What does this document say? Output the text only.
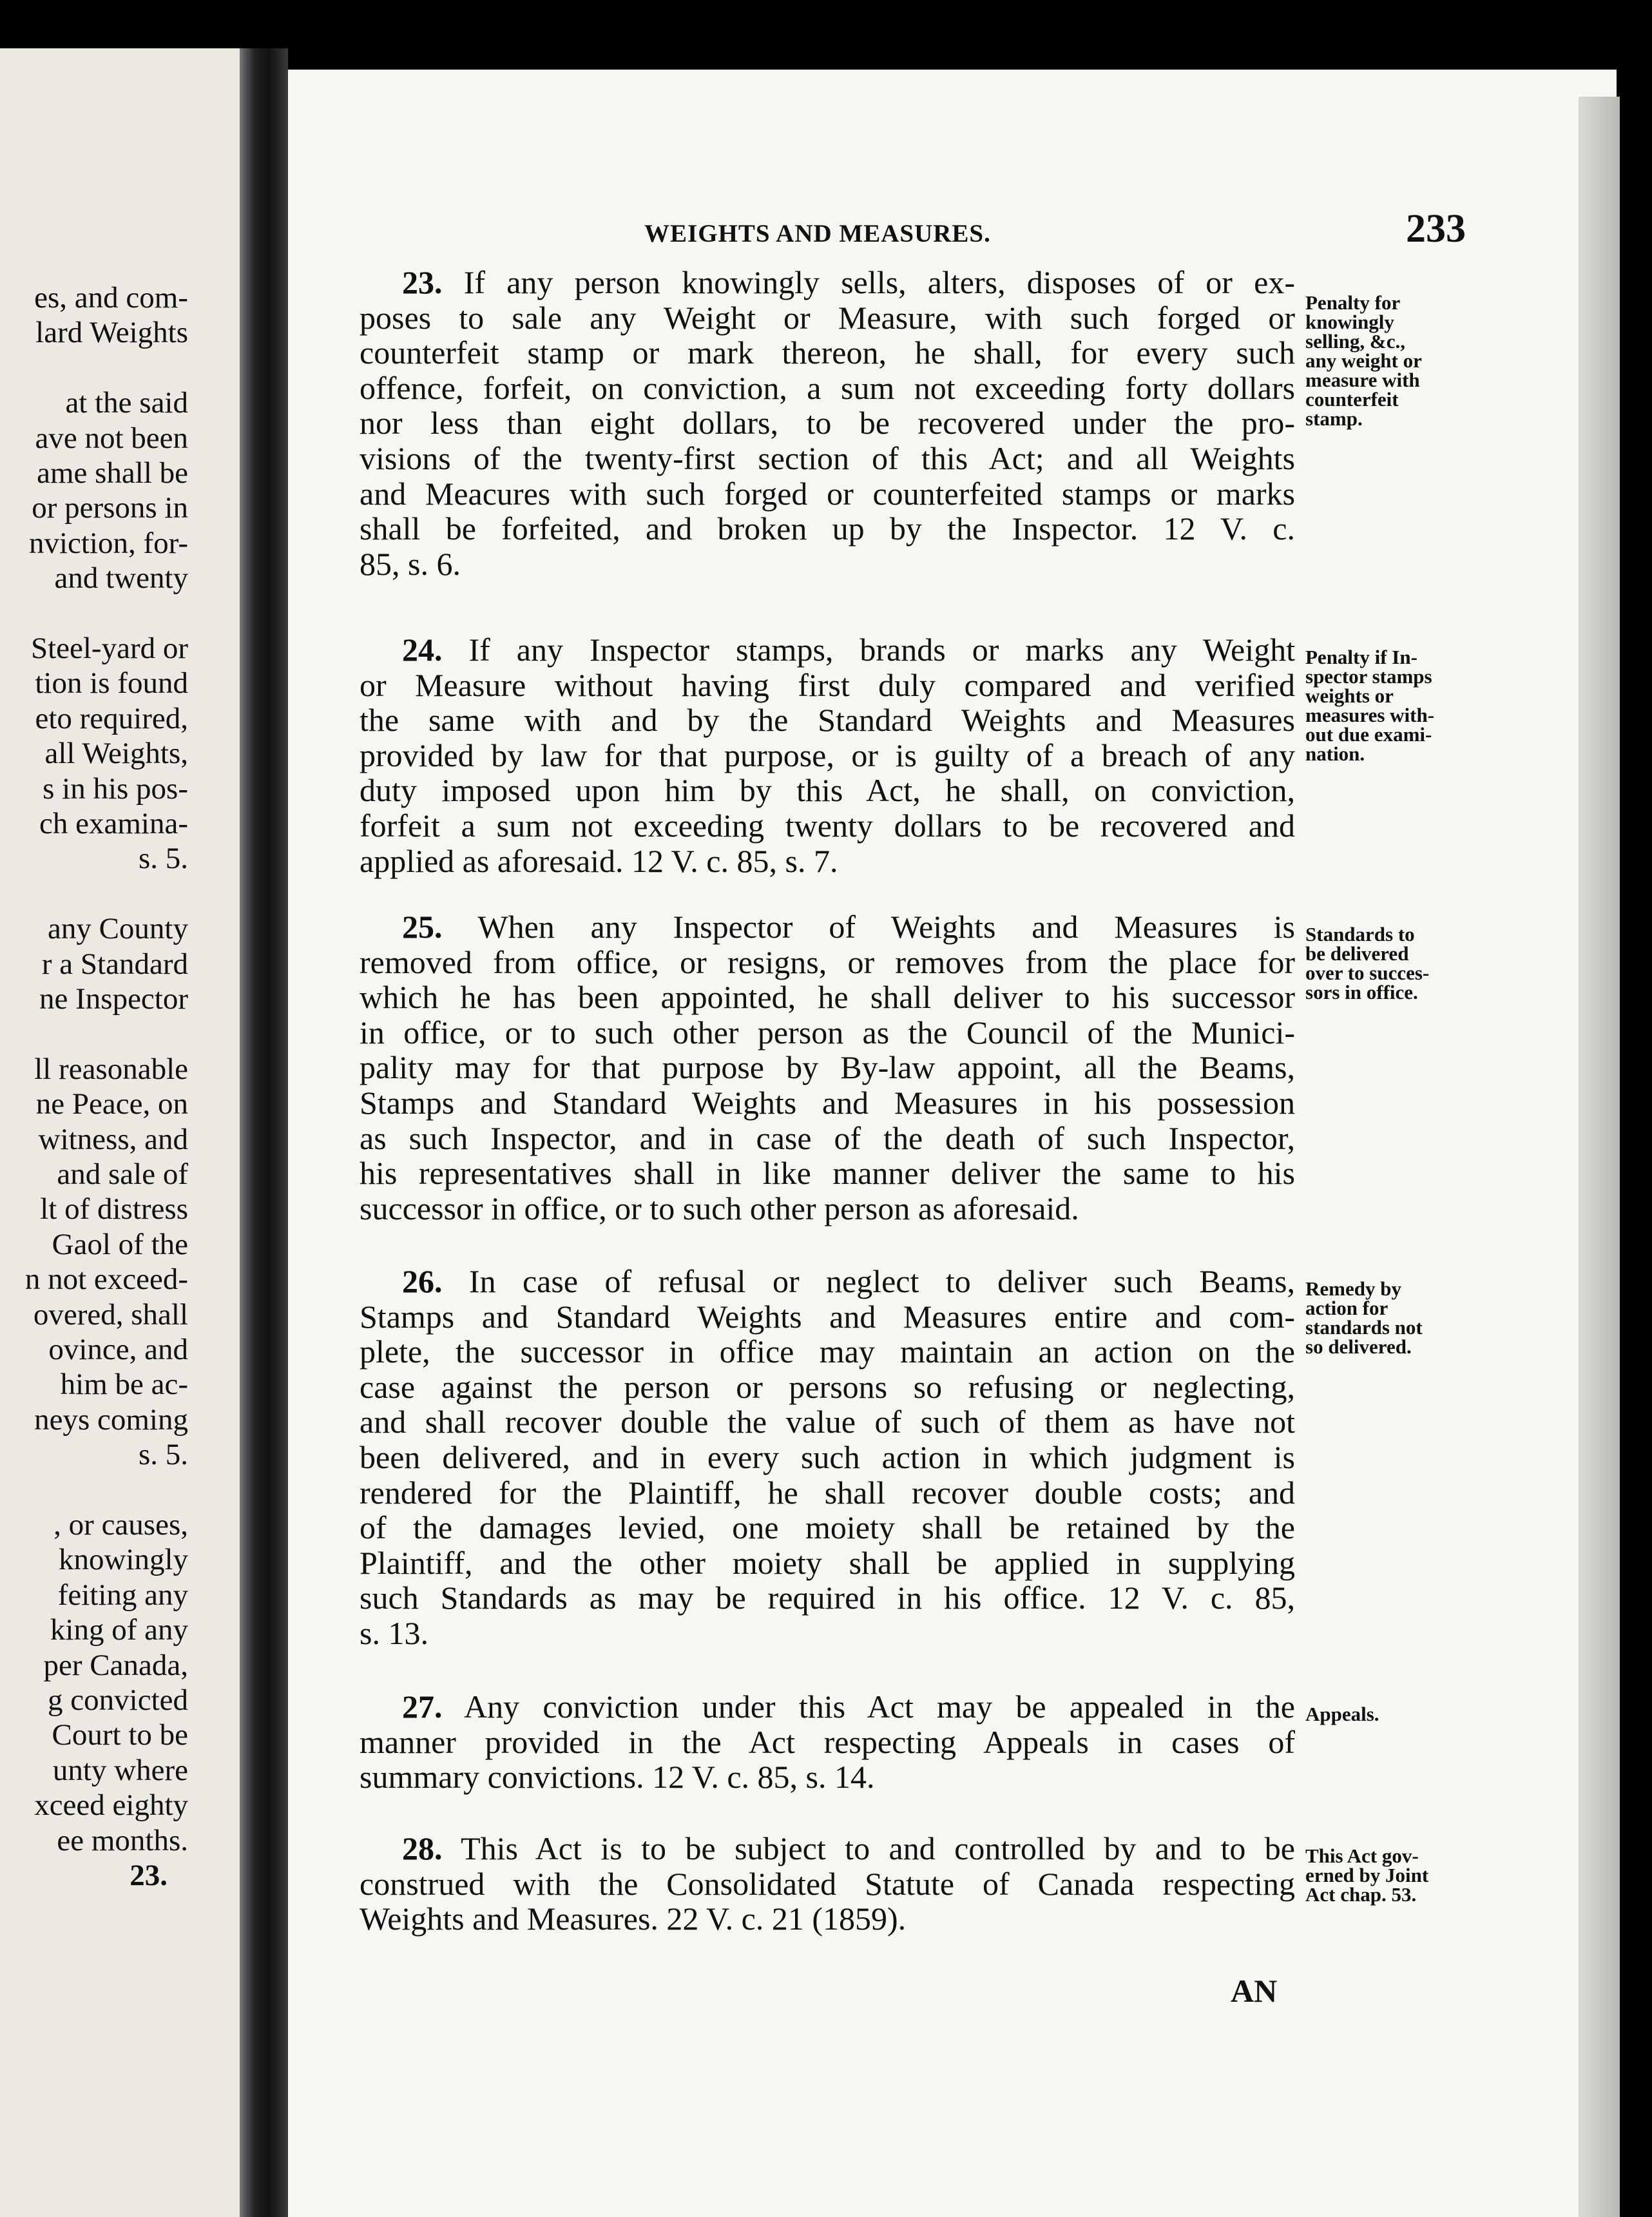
es, and com-
lard Weights
at the said
ave not been
ame shall be
or persons in
nviction, for-
and twenty
Steel-yard or
tion is found
eto required,
all Weights,
s in his pos-
ch examina-
s. 5.
any County
r a Standard
ne Inspector
ll reasonable
ne Peace, on
witness, and
and sale of
lt of distress
Gaol of the
n not exceed-
overed, shall
ovince, and
him be ac-
neys coming
s. 5.
, or causes,
knowingly
feiting any
king of any
per Canada,
g convicted
Court to be
unty where
xceed eighty
ee months.
23.
WEIGHTS AND MEASURES.	233
23. If any person knowingly sells, alters, disposes of or ex-
poses to sale any Weight or Measure, with such forged or
counterfeit stamp or mark thereon, he shall, for every such
offence, forfeit, on conviction, a sum not exceeding forty dollars
nor less than eight dollars, to be recovered under the pro-
visions of the twenty-first section of this Act; and all Weights
and Meacures with such forged or counterfeited stamps or marks
shall be forfeited, and broken up by the Inspector. 12 V. c.
85, s. 6.
Penalty for
knowingly
selling, &c.,
any weight or
measure with
counterfeit
stamp.
24. If any Inspector stamps, brands or marks any Weight
or Measure without having first duly compared and verified
the same with and by the Standard Weights and Measures
provided by law for that purpose, or is guilty of a breach of any
duty imposed upon him by this Act, he shall, on conviction,
forfeit a sum not exceeding twenty dollars to be recovered and
applied as aforesaid. 12 V. c. 85, s. 7.
Penalty if In-
spector stamps
weights or
measures with-
out due exami-
nation.
25. When any Inspector of Weights and Measures is
removed from office, or resigns, or removes from the place for
which he has been appointed, he shall deliver to his successor
in office, or to such other person as the Council of the Munici-
pality may for that purpose by By-law appoint, all the Beams,
Stamps and Standard Weights and Measures in his possession
as such Inspector, and in case of the death of such Inspector,
his representatives shall in like manner deliver the same to his
successor in office, or to such other person as aforesaid.
Standards to
be delivered
over to succes-
sors in office.
26. In case of refusal or neglect to deliver such Beams,
Stamps and Standard Weights and Measures entire and com-
plete, the successor in office may maintain an action on the
case against the person or persons so refusing or neglecting,
and shall recover double the value of such of them as have not
been delivered, and in every such action in which judgment is
rendered for the Plaintiff, he shall recover double costs; and
of the damages levied, one moiety shall be retained by the
Plaintiff, and the other moiety shall be applied in supplying
such Standards as may be required in his office. 12 V. c. 85,
s. 13.
Remedy by
action for
standards not
so delivered.
27. Any conviction under this Act may be appealed in the
manner provided in the Act respecting Appeals in cases of
summary convictions. 12 V. c. 85, s. 14.
Appeals.
28. This Act is to be subject to and controlled by and to be
construed with the Consolidated Statute of Canada respecting
Weights and Measures. 22 V. c. 21 (1859).
This Act gov-
erned by Joint
Act chap. 53.
AN
